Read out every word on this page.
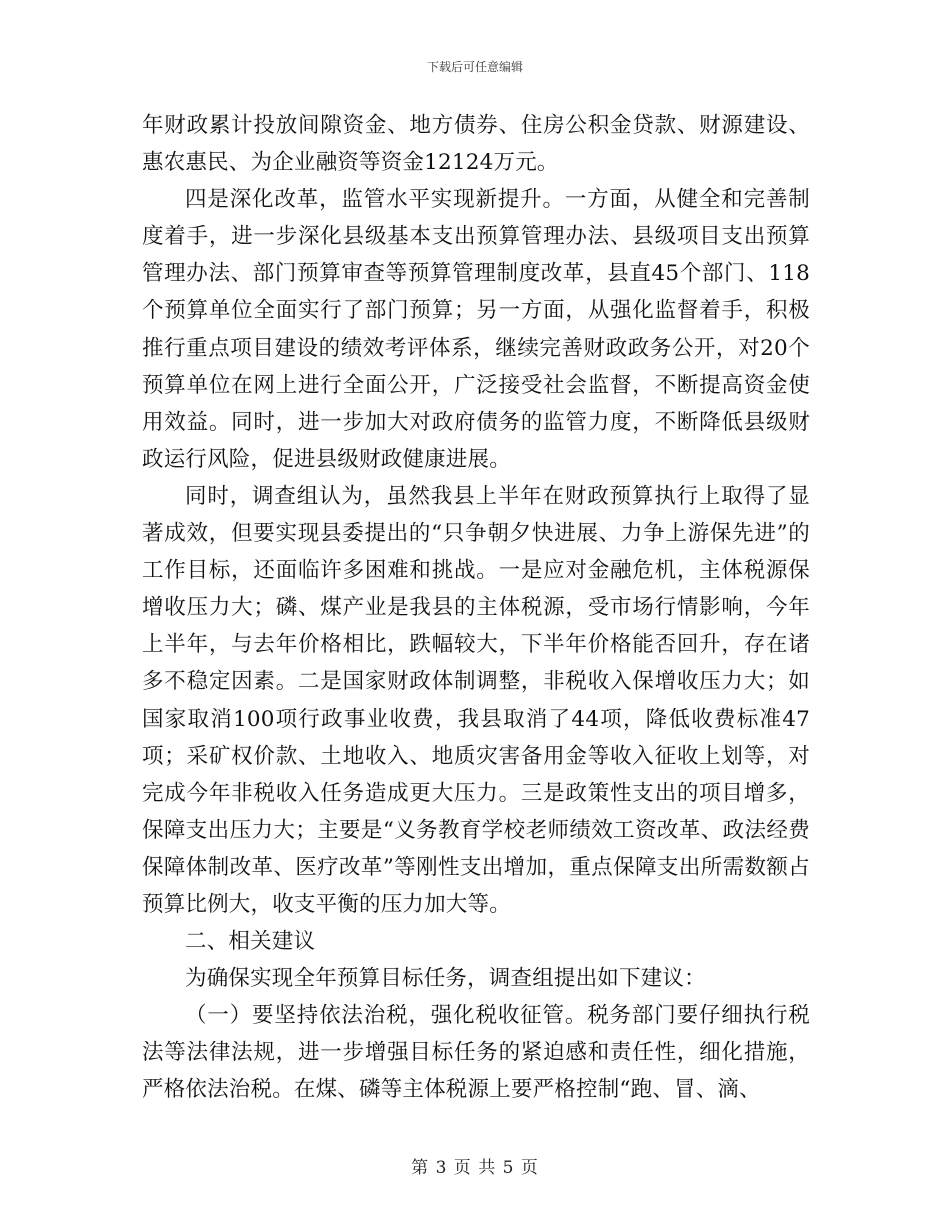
下载后可任意编辑

年财政累计投放间隙资金、地方债券、住房公积金贷款、财源建设、惠农惠民、为企业融资等资金12124万元。

四是深化改革，监管水平实现新提升。一方面，从健全和完善制度着手，进一步深化县级基本支出预算管理办法、县级项目支出预算管理办法、部门预算审查等预算管理制度改革，县直45个部门、118个预算单位全面实行了部门预算；另一方面，从强化监督着手，积极推行重点项目建设的绩效考评体系，继续完善财政政务公开，对20个预算单位在网上进行全面公开，广泛接受社会监督，不断提高资金使用效益。同时，进一步加大对政府债务的监管力度，不断降低县级财政运行风险，促进县级财政健康进展。

同时，调查组认为，虽然我县上半年在财政预算执行上取得了显著成效，但要实现县委提出的“只争朝夕快进展、力争上游保先进”的工作目标，还面临许多困难和挑战。一是应对金融危机，主体税源保增收压力大；磷、煤产业是我县的主体税源，受市场行情影响，今年上半年，与去年价格相比，跌幅较大，下半年价格能否回升，存在诸多不稳定因素。二是国家财政体制调整，非税收入保增收压力大；如国家取消100项行政事业收费，我县取消了44项，降低收费标准47项；采矿权价款、土地收入、地质灾害备用金等收入征收上划等，对完成今年非税收入任务造成更大压力。三是政策性支出的项目增多，保障支出压力大；主要是“义务教育学校老师绩效工资改革、政法经费保障体制改革、医疗改革”等刚性支出增加，重点保障支出所需数额占预算比例大，收支平衡的压力加大等。

二、相关建议

为确保实现全年预算目标任务，调查组提出如下建议：

（一）要坚持依法治税，强化税收征管。税务部门要仔细执行税法等法律法规，进一步增强目标任务的紧迫感和责任性，细化措施，严格依法治税。在煤、磷等主体税源上要严格控制“跑、冒、滴、

第 3 页 共 5 页
